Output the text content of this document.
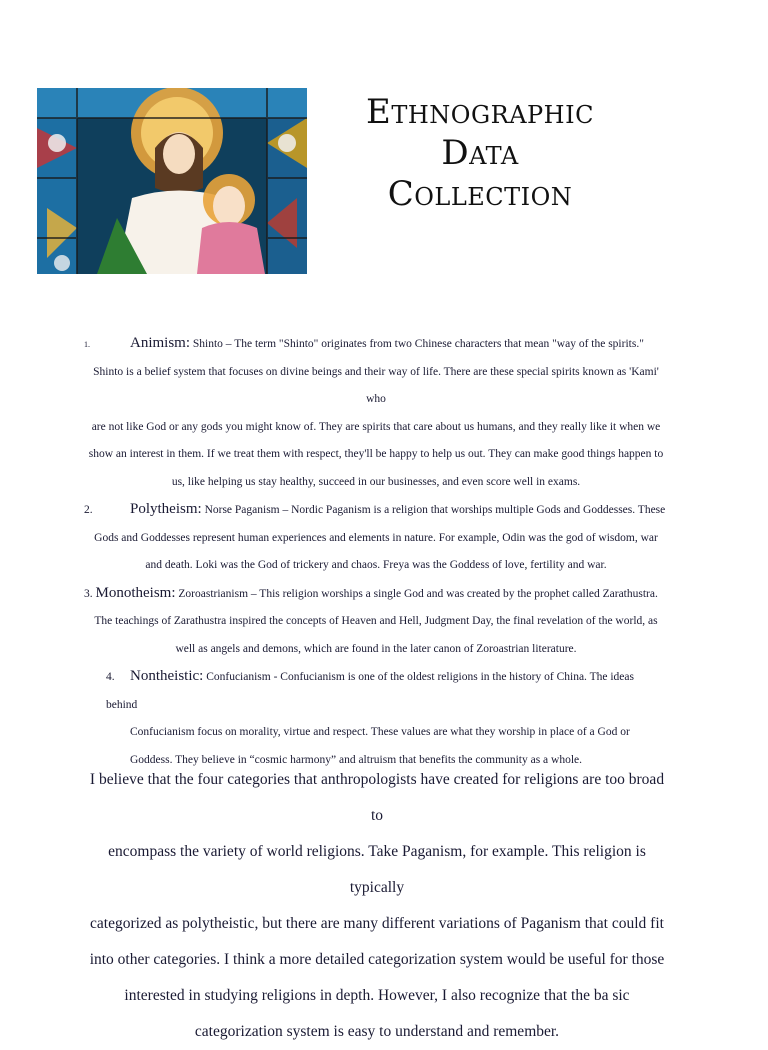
Ethnographic
Data
Collection
1.	Animism: Shinto – The term "Shinto" originates from two Chinese characters that mean "way of the spirits."
Shinto is a belief system that focuses on divine beings and their way of life. There are these special spirits known as 'Kami' who
are not like God or any gods you might know of. They are spirits that care about us humans, and they really like it when we
show an interest in them. If we treat them with respect, they'll be happy to help us out. They can make good things happen to
us, like helping us stay healthy, succeed in our businesses, and even score well in exams.
2. Polytheism: Norse Paganism – Nordic Paganism is a religion that worships multiple Gods and Goddesses. These
Gods and Goddesses represent human experiences and elements in nature. For example, Odin was the god of wisdom, war
and death. Loki was the God of trickery and chaos. Freya was the Goddess of love, fertility and war.
3. Monotheism: Zoroastrianism – This religion worships a single God and was created by the prophet called Zarathustra.
The teachings of Zarathustra inspired the concepts of Heaven and Hell, Judgment Day, the final revelation of the world, as
well as angels and demons, which are found in the later canon of Zoroastrian literature.
4. Nontheistic: Confucianism - Confucianism is one of the oldest religions in the history of China. The ideas behind
Confucianism focus on morality, virtue and respect. These values are what they worship in place of a God or
Goddess. They believe in “cosmic harmony” and altruism that benefits the community as a whole.
I believe that the four categories that anthropologists have created for religions are too broad to
encompass the variety of world religions. Take Paganism, for example. This religion is typically
categorized as polytheistic, but there are many different variations of Paganism that could fit
into other categories. I think a more detailed categorization system would be useful for those
interested in studying religions in depth. However, I also recognize that the ba sic
categorization system is easy to understand and remember.
